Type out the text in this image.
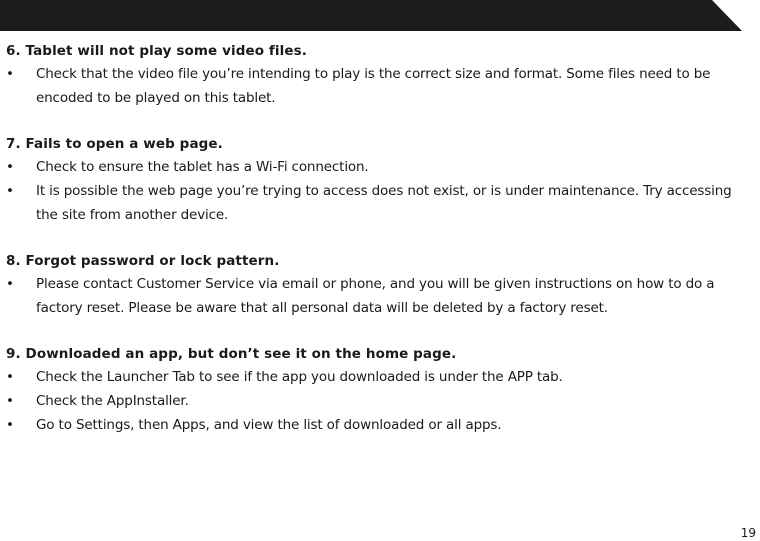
6. Tablet will not play some video files.
• Check that the video file you’re intending to play is the correct size and format. Some files need to be encoded to be played on this tablet.
7. Fails to open a web page.
• Check to ensure the tablet has a Wi-Fi connection.
• It is possible the web page you’re trying to access does not exist, or is under maintenance. Try accessing the site from another device.
8. Forgot password or lock pattern.
• Please contact Customer Service via email or phone, and you will be given instructions on how to do a factory reset. Please be aware that all personal data will be deleted by a factory reset.
9. Downloaded an app, but don’t see it on the home page.
• Check the Launcher Tab to see if the app you downloaded is under the APP tab.
• Check the AppInstaller.
• Go to Settings, then Apps, and view the list of downloaded or all apps.
19
